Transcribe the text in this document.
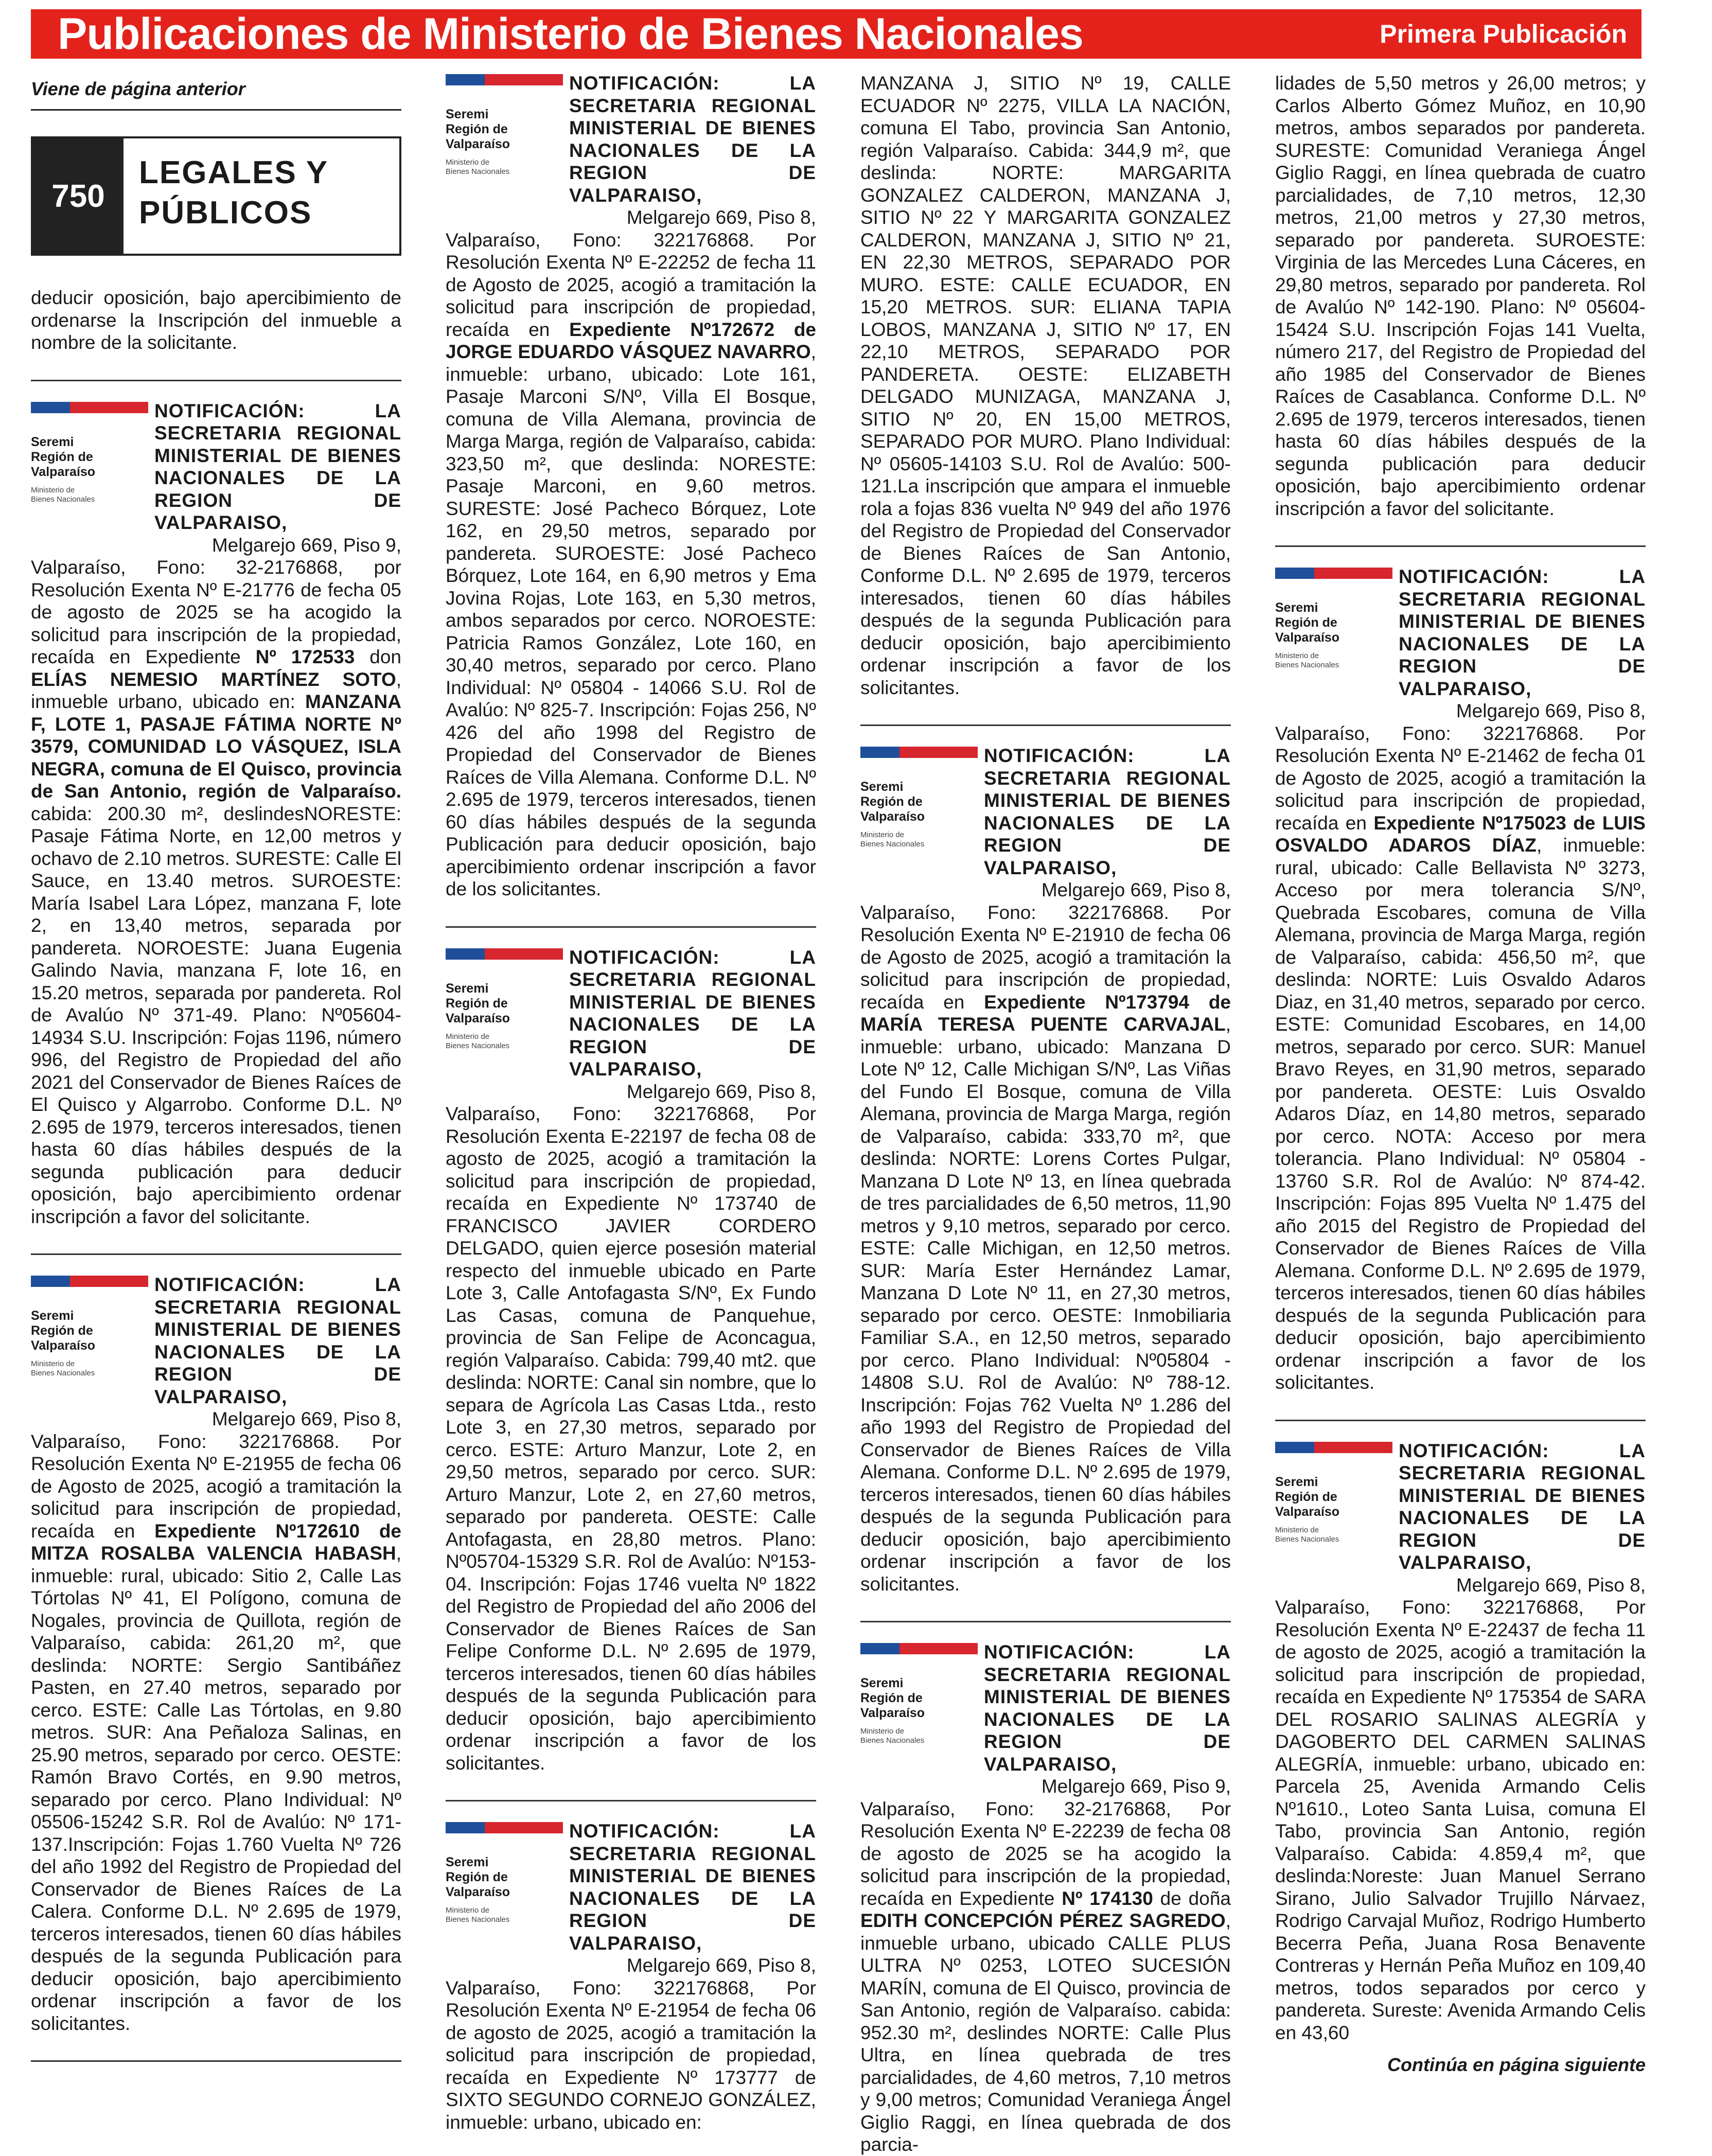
Publicaciones de Ministerio de Bienes Nacionales	Primera Publicación
Viene de página anterior
750
LEGALES Y
PÚBLICOS

deducir oposición, bajo apercibimiento de ordenarse la Inscripción del inmueble a nombre de la solicitante.

Seremi
Región de
Valparaíso
Ministerio de
Bienes Nacionales
NOTIFICACIÓN: LA SECRETARIA REGIONAL MINISTERIAL DE BIENES NACIONALES DE LA REGION DE VALPARAISO,

Melgarejo 669, Piso 9,

Valparaíso, Fono: 32-2176868, por Resolución Exenta Nº E-21776 de fecha 05 de agosto de 2025 se ha acogido la solicitud para inscripción de la propiedad, recaída en Expediente Nº 172533 don ELÍAS NEMESIO MARTÍNEZ SOTO, inmueble urbano, ubicado en: MANZANA F, LOTE 1, PASAJE FÁTIMA NORTE Nº 3579, COMUNIDAD LO VÁSQUEZ, ISLA NEGRA, comuna de El Quisco, provincia de San Antonio, región de Valparaíso. cabida: 200.30 m², deslindesNORESTE: Pasaje Fátima Norte, en 12,00 metros y ochavo de 2.10 metros. SURESTE: Calle El Sauce, en 13.40 metros. SUROESTE: María Isabel Lara López, manzana F, lote 2, en 13,40 metros, separada por pandereta. NOROESTE: Juana Eugenia Galindo Navia, manzana F, lote 16, en 15.20 metros, separada por pandereta. Rol de Avalúo Nº 371-49. Plano: Nº05604-14934 S.U. Inscripción: Fojas 1196, número 996, del Registro de Propiedad del año 2021 del Conservador de Bienes Raíces de El Quisco y Algarrobo. Conforme D.L. Nº 2.695 de 1979, terceros interesados, tienen hasta 60 días hábiles después de la segunda publicación para deducir oposición, bajo apercibimiento ordenar inscripción a favor del solicitante.

Seremi
Región de
Valparaíso
Ministerio de
Bienes Nacionales
NOTIFICACIÓN: LA SECRETARIA REGIONAL MINISTERIAL DE BIENES NACIONALES DE LA REGION DE VALPARAISO,

Melgarejo 669, Piso 8,

Valparaíso, Fono: 322176868. Por Resolución Exenta Nº E-21955 de fecha 06 de Agosto de 2025, acogió a tramitación la solicitud para inscripción de propiedad, recaída en Expediente Nº172610 de MITZA ROSALBA VALENCIA HABASH, inmueble: rural, ubicado: Sitio 2, Calle Las Tórtolas Nº 41, El Polígono, comuna de Nogales, provincia de Quillota, región de Valparaíso, cabida: 261,20 m², que deslinda: NORTE: Sergio Santibáñez Pasten, en 27.40 metros, separado por cerco. ESTE: Calle Las Tórtolas, en 9.80 metros. SUR: Ana Peñaloza Salinas, en 25.90 metros, separado por cerco. OESTE: Ramón Bravo Cortés, en 9.90 metros, separado por cerco. Plano Individual: Nº 05506-15242 S.R. Rol de Avalúo: Nº 171-137.Inscripción: Fojas 1.760 Vuelta Nº 726 del año 1992 del Registro de Propiedad del Conservador de Bienes Raíces de La Calera. Conforme D.L. Nº 2.695 de 1979, terceros interesados, tienen 60 días hábiles después de la segunda Publicación para deducir oposición, bajo apercibimiento ordenar inscripción a favor de los solicitantes.

Seremi
Región de
Valparaíso
Ministerio de
Bienes Nacionales
NOTIFICACIÓN: LA SECRETARIA REGIONAL MINISTERIAL DE BIENES NACIONALES DE LA REGION DE VALPARAISO,

Melgarejo 669, Piso 8,

Valparaíso, Fono: 322176868. Por Resolución Exenta Nº E-22252 de fecha 11 de Agosto de 2025, acogió a tramitación la solicitud para inscripción de propiedad, recaída en Expediente Nº172672 de JORGE EDUARDO VÁSQUEZ NAVARRO, inmueble: urbano, ubicado: Lote 161, Pasaje Marconi S/Nº, Villa El Bosque, comuna de Villa Alemana, provincia de Marga Marga, región de Valparaíso, cabida: 323,50 m², que deslinda: NORESTE: Pasaje Marconi, en 9,60 metros. SURESTE: José Pacheco Bórquez, Lote 162, en 29,50 metros, separado por pandereta. SUROESTE: José Pacheco Bórquez, Lote 164, en 6,90 metros y Ema Jovina Rojas, Lote 163, en 5,30 metros, ambos separados por cerco. NOROESTE: Patricia Ramos González, Lote 160, en 30,40 metros, separado por cerco. Plano Individual: Nº 05804 - 14066 S.U. Rol de Avalúo: Nº 825-7. Inscripción: Fojas 256, Nº 426 del año 1998 del Registro de Propiedad del Conservador de Bienes Raíces de Villa Alemana. Conforme D.L. Nº 2.695 de 1979, terceros interesados, tienen 60 días hábiles después de la segunda Publicación para deducir oposición, bajo apercibimiento ordenar inscripción a favor de los solicitantes.

Seremi
Región de
Valparaíso
Ministerio de
Bienes Nacionales
NOTIFICACIÓN: LA SECRETARIA REGIONAL MINISTERIAL DE BIENES NACIONALES DE LA REGION DE VALPARAISO,

Melgarejo 669, Piso 8,

Valparaíso, Fono: 322176868, Por Resolución Exenta E-22197 de fecha 08 de agosto de 2025, acogió a tramitación la solicitud para inscripción de propiedad, recaída en Expediente Nº 173740 de FRANCISCO JAVIER CORDERO DELGADO, quien ejerce posesión material respecto del inmueble ubicado en Parte Lote 3, Calle Antofagasta S/Nº, Ex Fundo Las Casas, comuna de Panquehue, provincia de San Felipe de Aconcagua, región Valparaíso. Cabida: 799,40 mt2. que deslinda: NORTE: Canal sin nombre, que lo separa de Agrícola Las Casas Ltda., resto Lote 3, en 27,30 metros, separado por cerco. ESTE: Arturo Manzur, Lote 2, en 29,50 metros, separado por cerco. SUR: Arturo Manzur, Lote 2, en 27,60 metros, separado por pandereta. OESTE: Calle Antofagasta, en 28,80 metros. Plano: Nº05704-15329 S.R. Rol de Avalúo: Nº153-04. Inscripción: Fojas 1746 vuelta Nº 1822 del Registro de Propiedad del año 2006 del Conservador de Bienes Raíces de San Felipe Conforme D.L. Nº 2.695 de 1979, terceros interesados, tienen 60 días hábiles después de la segunda Publicación para deducir oposición, bajo apercibimiento ordenar inscripción a favor de los solicitantes.

Seremi
Región de
Valparaíso
Ministerio de
Bienes Nacionales
NOTIFICACIÓN: LA SECRETARIA REGIONAL MINISTERIAL DE BIENES NACIONALES DE LA REGION DE VALPARAISO,

Melgarejo 669, Piso 8,

Valparaíso, Fono: 322176868, Por Resolución Exenta Nº E-21954 de fecha 06 de agosto de 2025, acogió a tramitación la solicitud para inscripción de propiedad, recaída en Expediente Nº 173777 de SIXTO SEGUNDO CORNEJO GONZÁLEZ, inmueble: urbano, ubicado en:

MANZANA J, SITIO Nº 19, CALLE ECUADOR Nº 2275, VILLA LA NACIÓN, comuna El Tabo, provincia San Antonio, región Valparaíso. Cabida: 344,9 m², que deslinda: NORTE: MARGARITA GONZALEZ CALDERON, MANZANA J, SITIO Nº 22 Y MARGARITA GONZALEZ CALDERON, MANZANA J, SITIO Nº 21, EN 22,30 METROS, SEPARADO POR MURO. ESTE: CALLE ECUADOR, EN 15,20 METROS. SUR: ELIANA TAPIA LOBOS, MANZANA J, SITIO Nº 17, EN 22,10 METROS, SEPARADO POR PANDERETA. OESTE: ELIZABETH DELGADO MUNIZAGA, MANZANA J, SITIO Nº 20, EN 15,00 METROS, SEPARADO POR MURO. Plano Individual: Nº 05605-14103 S.U. Rol de Avalúo: 500-121.La inscripción que ampara el inmueble rola a fojas 836 vuelta Nº 949 del año 1976 del Registro de Propiedad del Conservador de Bienes Raíces de San Antonio, Conforme D.L. Nº 2.695 de 1979, terceros interesados, tienen 60 días hábiles después de la segunda Publicación para deducir oposición, bajo apercibimiento ordenar inscripción a favor de los solicitantes.

Seremi
Región de
Valparaíso
Ministerio de
Bienes Nacionales
NOTIFICACIÓN: LA SECRETARIA REGIONAL MINISTERIAL DE BIENES NACIONALES DE LA REGION DE VALPARAISO,

Melgarejo 669, Piso 8,

Valparaíso, Fono: 322176868. Por Resolución Exenta Nº E-21910 de fecha 06 de Agosto de 2025, acogió a tramitación la solicitud para inscripción de propiedad, recaída en Expediente Nº173794 de MARÍA TERESA PUENTE CARVAJAL, inmueble: urbano, ubicado: Manzana D Lote Nº 12, Calle Michigan S/Nº, Las Viñas del Fundo El Bosque, comuna de Villa Alemana, provincia de Marga Marga, región de Valparaíso, cabida: 333,70 m², que deslinda: NORTE: Lorens Cortes Pulgar, Manzana D Lote Nº 13, en línea quebrada de tres parcialidades de 6,50 metros, 11,90 metros y 9,10 metros, separado por cerco. ESTE: Calle Michigan, en 12,50 metros. SUR: María Ester Hernández Lamar, Manzana D Lote Nº 11, en 27,30 metros, separado por cerco. OESTE: Inmobiliaria Familiar S.A., en 12,50 metros, separado por cerco. Plano Individual: Nº05804 - 14808 S.U. Rol de Avalúo: Nº 788-12. Inscripción: Fojas 762 Vuelta Nº 1.286 del año 1993 del Registro de Propiedad del Conservador de Bienes Raíces de Villa Alemana. Conforme D.L. Nº 2.695 de 1979, terceros interesados, tienen 60 días hábiles después de la segunda Publicación para deducir oposición, bajo apercibimiento ordenar inscripción a favor de los solicitantes.

Seremi
Región de
Valparaíso
Ministerio de
Bienes Nacionales
NOTIFICACIÓN: LA SECRETARIA REGIONAL MINISTERIAL DE BIENES NACIONALES DE LA REGION DE VALPARAISO,

Melgarejo 669, Piso 9,

Valparaíso, Fono: 32-2176868, Por Resolución Exenta Nº E-22239 de fecha 08 de agosto de 2025 se ha acogido la solicitud para inscripción de la propiedad, recaída en Expediente Nº 174130 de doña EDITH CONCEPCIÓN PÉREZ SAGREDO, inmueble urbano, ubicado CALLE PLUS ULTRA Nº 0253, LOTEO SUCESIÓN MARÍN, comuna de El Quisco, provincia de San Antonio, región de Valparaíso. cabida: 952.30 m², deslindes NORTE: Calle Plus Ultra, en línea quebrada de tres parcialidades, de 4,60 metros, 7,10 metros y 9,00 metros; Comunidad Veraniega Ángel Giglio Raggi, en línea quebrada de dos parcia-

lidades de 5,50 metros y 26,00 metros; y Carlos Alberto Gómez Muñoz, en 10,90 metros, ambos separados por pandereta. SURESTE: Comunidad Veraniega Ángel Giglio Raggi, en línea quebrada de cuatro parcialidades, de 7,10 metros, 12,30 metros, 21,00 metros y 27,30 metros, separado por pandereta. SUROESTE: Virginia de las Mercedes Luna Cáceres, en 29,80 metros, separado por pandereta. Rol de Avalúo Nº 142-190. Plano: Nº 05604-15424 S.U. Inscripción Fojas 141 Vuelta, número 217, del Registro de Propiedad del año 1985 del Conservador de Bienes Raíces de Casablanca. Conforme D.L. Nº 2.695 de 1979, terceros interesados, tienen hasta 60 días hábiles después de la segunda publicación para deducir oposición, bajo apercibimiento ordenar inscripción a favor del solicitante.

Seremi
Región de
Valparaíso
Ministerio de
Bienes Nacionales
NOTIFICACIÓN: LA SECRETARIA REGIONAL MINISTERIAL DE BIENES NACIONALES DE LA REGION DE VALPARAISO,

Melgarejo 669, Piso 8,

Valparaíso, Fono: 322176868. Por Resolución Exenta Nº E-21462 de fecha 01 de Agosto de 2025, acogió a tramitación la solicitud para inscripción de propiedad, recaída en Expediente Nº175023 de LUIS OSVALDO ADAROS DÍAZ, inmueble: rural, ubicado: Calle Bellavista Nº 3273, Acceso por mera tolerancia S/Nº, Quebrada Escobares, comuna de Villa Alemana, provincia de Marga Marga, región de Valparaíso, cabida: 456,50 m², que deslinda: NORTE: Luis Osvaldo Adaros Diaz, en 31,40 metros, separado por cerco. ESTE: Comunidad Escobares, en 14,00 metros, separado por cerco. SUR: Manuel Bravo Reyes, en 31,90 metros, separado por pandereta. OESTE: Luis Osvaldo Adaros Díaz, en 14,80 metros, separado por cerco. NOTA: Acceso por mera tolerancia. Plano Individual: Nº 05804 - 13760 S.R. Rol de Avalúo: Nº 874-42. Inscripción: Fojas 895 Vuelta Nº 1.475 del año 2015 del Registro de Propiedad del Conservador de Bienes Raíces de Villa Alemana. Conforme D.L. Nº 2.695 de 1979, terceros interesados, tienen 60 días hábiles después de la segunda Publicación para deducir oposición, bajo apercibimiento ordenar inscripción a favor de los solicitantes.

Seremi
Región de
Valparaíso
Ministerio de
Bienes Nacionales
NOTIFICACIÓN: LA SECRETARIA REGIONAL MINISTERIAL DE BIENES NACIONALES DE LA REGION DE VALPARAISO,

Melgarejo 669, Piso 8,

Valparaíso, Fono: 322176868, Por Resolución Exenta Nº E-22437 de fecha 11 de agosto de 2025, acogió a tramitación la solicitud para inscripción de propiedad, recaída en Expediente Nº 175354 de SARA DEL ROSARIO SALINAS ALEGRÍA y DAGOBERTO DEL CARMEN SALINAS ALEGRÍA, inmueble: urbano, ubicado en: Parcela 25, Avenida Armando Celis Nº1610., Loteo Santa Luisa, comuna El Tabo, provincia San Antonio, región Valparaíso. Cabida: 4.859,4 m², que deslinda:Noreste: Juan Manuel Serrano Sirano, Julio Salvador Trujillo Nárvaez, Rodrigo Carvajal Muñoz, Rodrigo Humberto Becerra Peña, Juana Rosa Benavente Contreras y Hernán Peña Muñoz en 109,40 metros, todos separados por cerco y pandereta. Sureste: Avenida Armando Celis en 43,60

Continúa en página siguiente
